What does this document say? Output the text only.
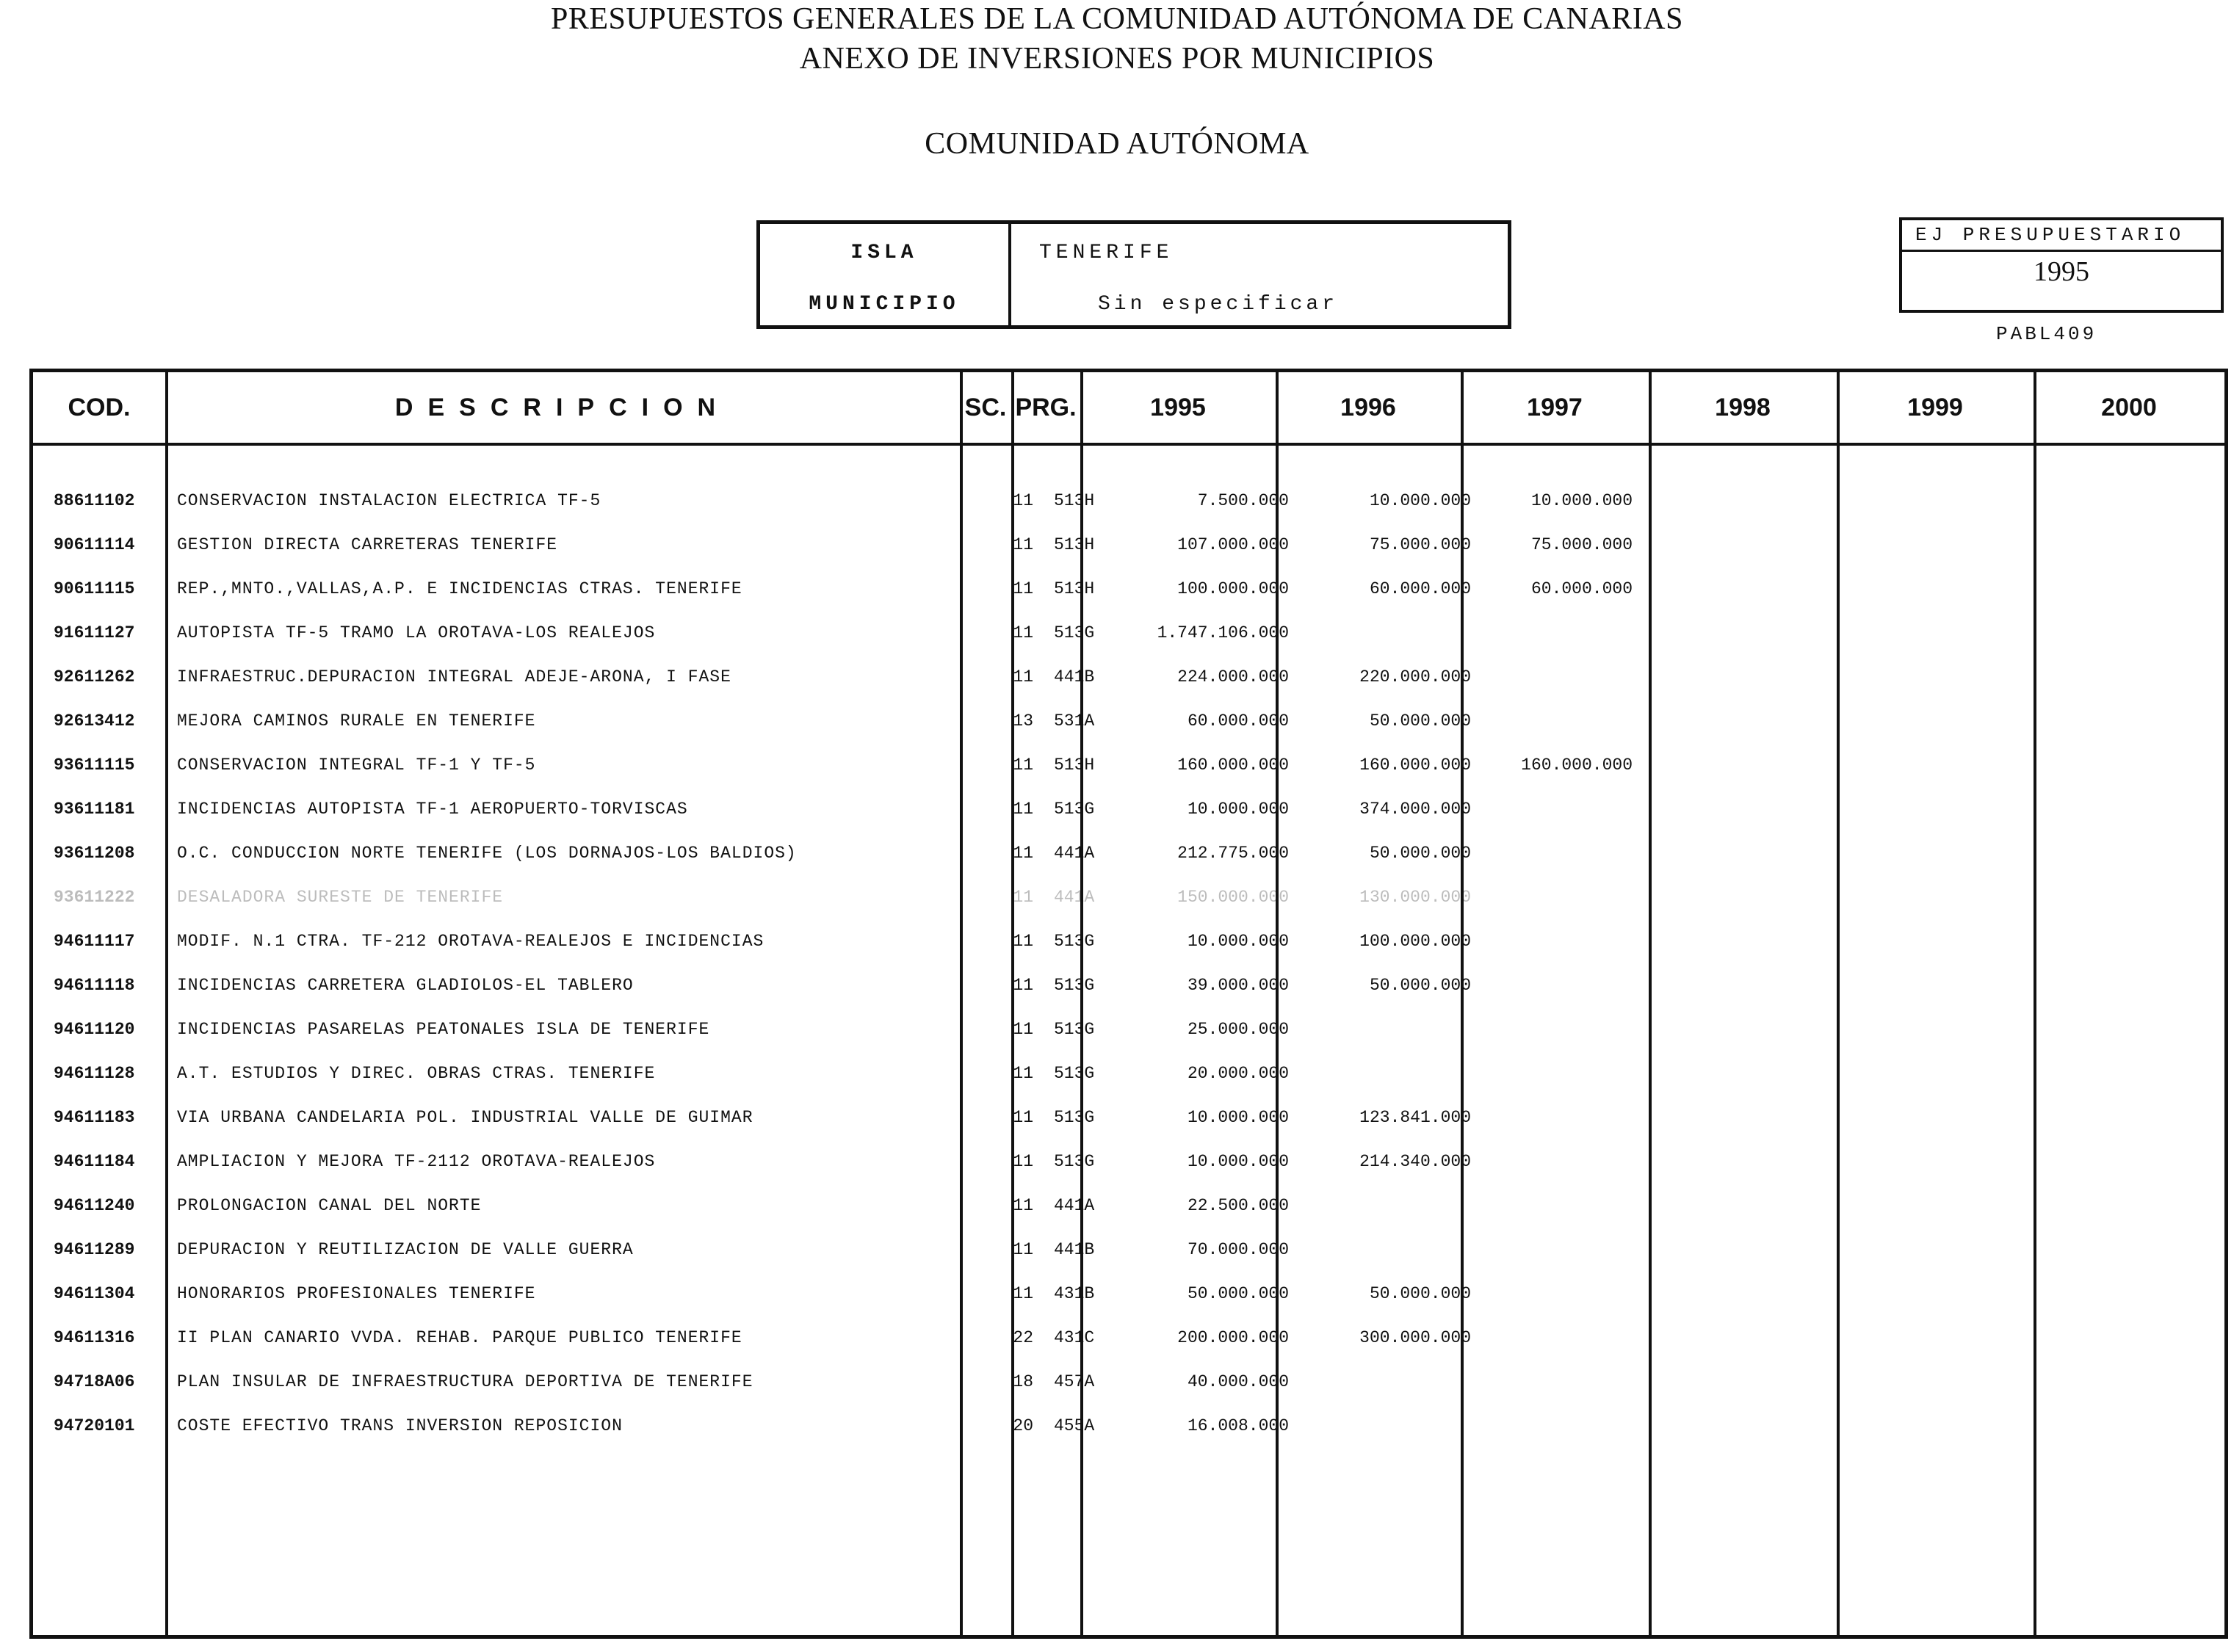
PRESUPUESTOS GENERALES DE LA COMUNIDAD AUTÓNOMA DE CANARIAS
ANEXO DE INVERSIONES POR MUNICIPIOS
COMUNIDAD AUTÓNOMA
ISLA	TENERIFE
MUNICIPIO	Sin especificar
EJ PRESUPUESTARIO
1995
PABL409
COD.	DESCRIPCION	SC. PRG.	1995	1996	1997	1998	1999	2000
88611102	CONSERVACION INSTALACION ELECTRICA TF-5	11 513H	7.500.000	10.000.000	10.000.000
90611114	GESTION DIRECTA CARRETERAS TENERIFE	11 513H	107.000.000	75.000.000	75.000.000
90611115	REP.,MNTO.,VALLAS,A.P. E INCIDENCIAS CTRAS. TENERIFE	11 513H	100.000.000	60.000.000	60.000.000
91611127	AUTOPISTA TF-5 TRAMO LA OROTAVA-LOS REALEJOS	11 513G	1.747.106.000
92611262	INFRAESTRUC.DEPURACION INTEGRAL ADEJE-ARONA, I FASE	11 441B	224.000.000	220.000.000
92613412	MEJORA CAMINOS RURALE EN TENERIFE	13 531A	60.000.000	50.000.000
93611115	CONSERVACION INTEGRAL TF-1 Y TF-5	11 513H	160.000.000	160.000.000	160.000.000
93611181	INCIDENCIAS AUTOPISTA TF-1 AEROPUERTO-TORVISCAS	11 513G	10.000.000	374.000.000
93611208	O.C. CONDUCCION NORTE TENERIFE (LOS DORNAJOS-LOS BALDIOS)	11 441A	212.775.000	50.000.000
93611222	DESALADORA SURESTE DE TENERIFE	11 441A	150.000.000	130.000.000
94611117	MODIF. N.1 CTRA. TF-212 OROTAVA-REALEJOS E INCIDENCIAS	11 513G	10.000.000	100.000.000
94611118	INCIDENCIAS CARRETERA GLADIOLOS-EL TABLERO	11 513G	39.000.000	50.000.000
94611120	INCIDENCIAS PASARELAS PEATONALES ISLA DE TENERIFE	11 513G	25.000.000
94611128	A.T. ESTUDIOS Y DIREC. OBRAS CTRAS. TENERIFE	11 513G	20.000.000
94611183	VIA URBANA CANDELARIA POL. INDUSTRIAL VALLE DE GUIMAR	11 513G	10.000.000	123.841.000
94611184	AMPLIACION Y MEJORA TF-2112 OROTAVA-REALEJOS	11 513G	10.000.000	214.340.000
94611240	PROLONGACION CANAL DEL NORTE	11 441A	22.500.000
94611289	DEPURACION Y REUTILIZACION DE VALLE GUERRA	11 441B	70.000.000
94611304	HONORARIOS PROFESIONALES TENERIFE	11 431B	50.000.000	50.000.000
94611316	II PLAN CANARIO VVDA. REHAB. PARQUE PUBLICO TENERIFE	22 431C	200.000.000	300.000.000
94718A06	PLAN INSULAR DE INFRAESTRUCTURA DEPORTIVA DE TENERIFE	18 457A	40.000.000
94720101	COSTE EFECTIVO TRANS INVERSION REPOSICION	20 455A	16.008.000
